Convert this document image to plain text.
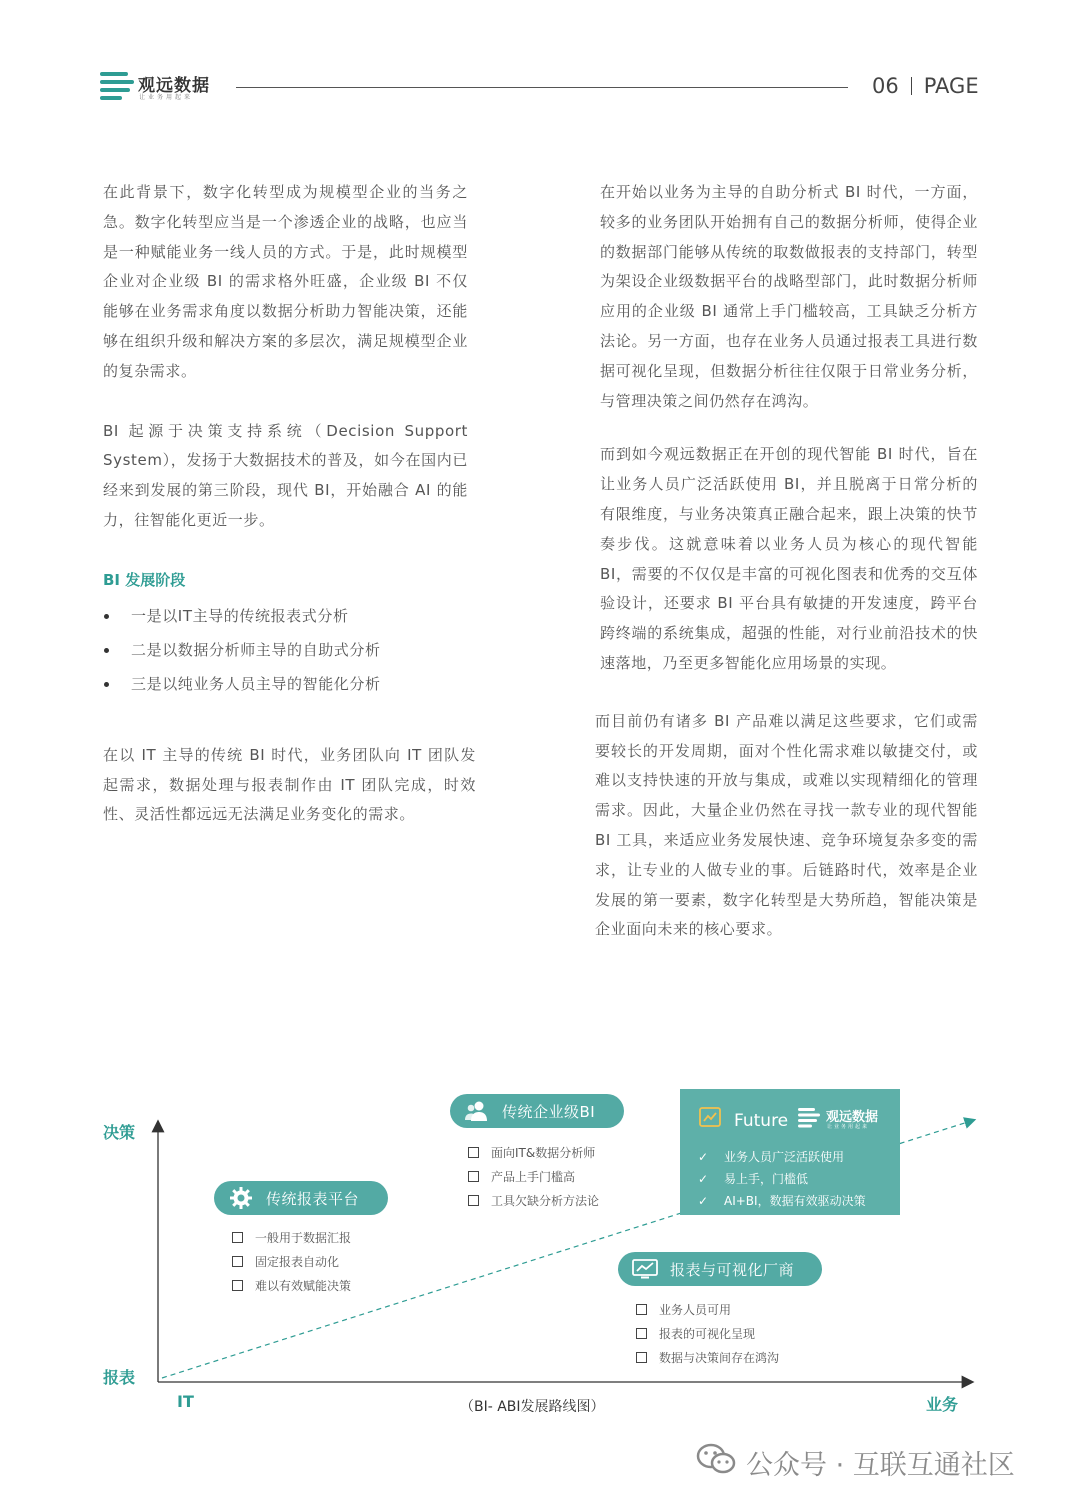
观远数据
让业务用起来	06 PAGE

在此背景下，数字化转型成为规模型企业的当务之急。数字化转型应当是一个渗透企业的战略，也应当是一种赋能业务一线人员的方式。于是，此时规模型企业对企业级 BI 的需求格外旺盛，企业级 BI 不仅能够在业务需求角度以数据分析助力智能决策，还能够在组织升级和解决方案的多层次，满足规模型企业的复杂需求。

BI 起源于决策支持系统（Decision Support System），发扬于大数据技术的普及，如今在国内已经来到发展的第三阶段，现代 BI，开始融合 AI 的能力，往智能化更近一步。

BI 发展阶段
一是以IT主导的传统报表式分析
二是以数据分析师主导的自助式分析
三是以纯业务人员主导的智能化分析

在以 IT 主导的传统 BI 时代，业务团队向 IT 团队发起需求，数据处理与报表制作由 IT 团队完成，时效性、灵活性都远远无法满足业务变化的需求。

在开始以业务为主导的自助分析式 BI 时代，一方面，较多的业务团队开始拥有自己的数据分析师，使得企业的数据部门能够从传统的取数做报表的支持部门，转型为架设企业级数据平台的战略型部门，此时数据分析师应用的企业级 BI 通常上手门槛较高，工具缺乏分析方法论。另一方面，也存在业务人员通过报表工具进行数据可视化呈现，但数据分析往往仅限于日常业务分析，与管理决策之间仍然存在鸿沟。

而到如今观远数据正在开创的现代智能 BI 时代，旨在让业务人员广泛活跃使用 BI，并且脱离于日常分析的有限维度，与业务决策真正融合起来，跟上决策的快节奏步伐。这就意味着以业务人员为核心的现代智能 BI，需要的不仅仅是丰富的可视化图表和优秀的交互体验设计，还要求 BI 平台具有敏捷的开发速度，跨平台跨终端的系统集成，超强的性能，对行业前沿技术的快速落地，乃至更多智能化应用场景的实现。

而目前仍有诸多 BI 产品难以满足这些要求，它们或需要较长的开发周期，面对个性化需求难以敏捷交付，或难以支持快速的开放与集成，或难以实现精细化的管理需求。因此，大量企业仍然在寻找一款专业的现代智能 BI 工具，来适应业务发展快速、竞争环境复杂多变的需求，让专业的人做专业的事。后链路时代，效率是企业发展的第一要素，数字化转型是大势所趋，智能决策是企业面向未来的核心要求。

决策
报表
IT	业务
传统报表平台
一般用于数据汇报
固定报表自动化
难以有效赋能决策
传统企业级BI
面向IT&数据分析师
产品上手门槛高
工具欠缺分析方法论
Future	观远数据
让业务用起来
✓ 业务人员广泛活跃使用
✓ 易上手，门槛低
✓ AI+BI，数据有效驱动决策
报表与可视化厂商
业务人员可用
报表的可视化呈现
数据与决策间存在鸿沟
（BI- ABI发展路线图）
公众号 · 互联互通社区
